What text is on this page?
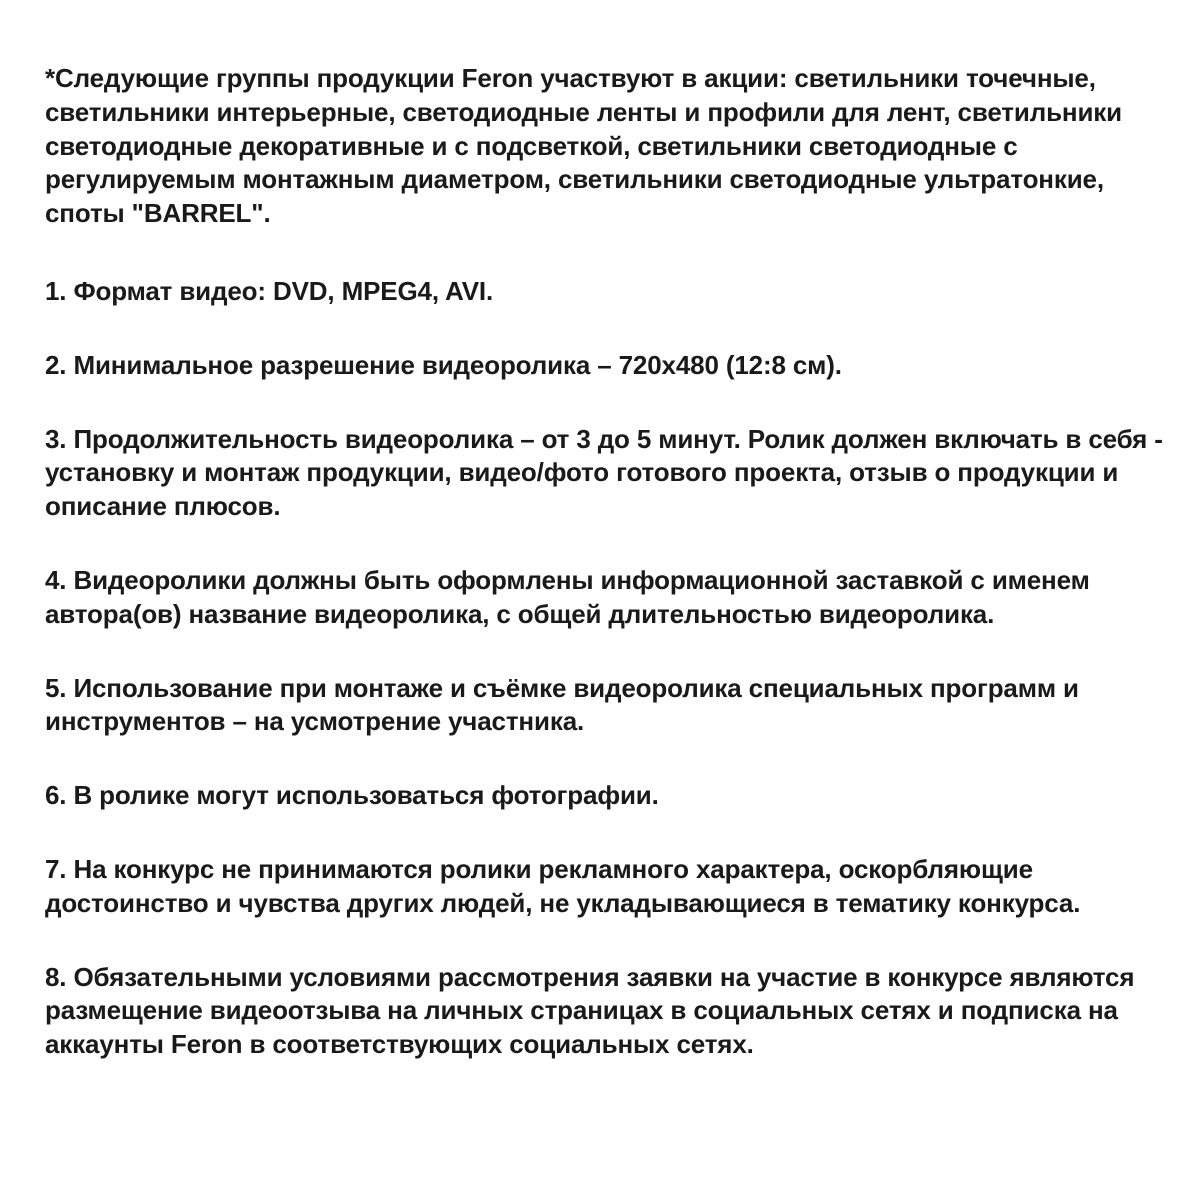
*Следующие группы продукции Feron участвуют в акции: светильники точечные, светильники интерьерные, светодиодные ленты и профили для лент, светильники светодиодные декоративные и с подсветкой, светильники светодиодные с регулируемым монтажным диаметром, светильники светодиодные ультратонкие, споты "BARREL".

1. Формат видео: DVD, MPEG4, AVI.

2. Минимальное разрешение видеоролика – 720x480 (12:8 см).

3. Продолжительность видеоролика – от 3 до 5 минут. Ролик должен включать в себя - установку и монтаж продукции, видео/фото готового проекта, отзыв о продукции и описание плюсов.

4. Видеоролики должны быть оформлены информационной заставкой с именем автора(ов) название видеоролика, с общей длительностью видеоролика.

5. Использование при монтаже и съёмке видеоролика специальных программ и инструментов – на усмотрение участника.

6. В ролике могут использоваться фотографии.

7. На конкурс не принимаются ролики рекламного характера, оскорбляющие достоинство и чувства других людей, не укладывающиеся в тематику конкурса.

8. Обязательными условиями рассмотрения заявки на участие в конкурсе являются размещение видеоотзыва на личных страницах в социальных сетях и подписка на аккаунты Feron в соответствующих социальных сетях.
